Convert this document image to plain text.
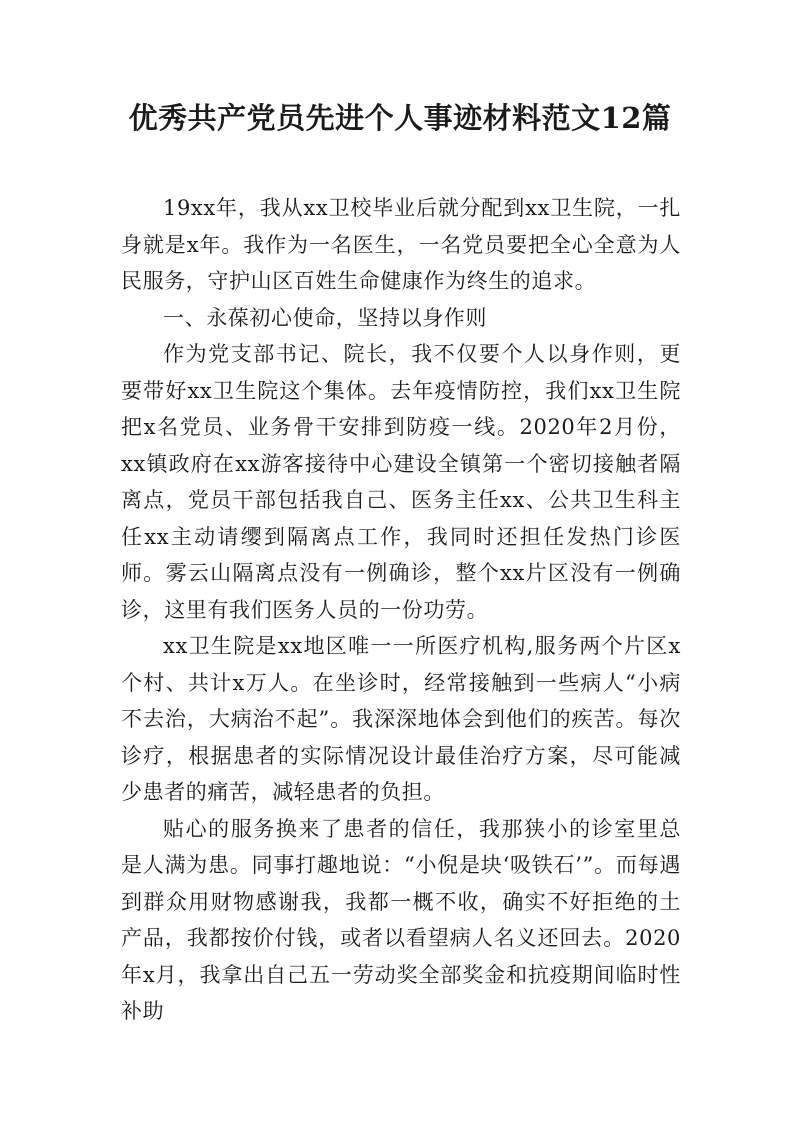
优秀共产党员先进个人事迹材料范文12篇

19xx年，我从xx卫校毕业后就分配到xx卫生院，一扎身就是x年。我作为一名医生，一名党员要把全心全意为人民服务，守护山区百姓生命健康作为终生的追求。

一、永葆初心使命，坚持以身作则

作为党支部书记、院长，我不仅要个人以身作则，更要带好xx卫生院这个集体。去年疫情防控，我们xx卫生院把x名党员、业务骨干安排到防疫一线。2020年2月份，xx镇政府在xx游客接待中心建设全镇第一个密切接触者隔离点，党员干部包括我自己、医务主任xx、公共卫生科主任xx主动请缨到隔离点工作，我同时还担任发热门诊医师。雾云山隔离点没有一例确诊，整个xx片区没有一例确诊，这里有我们医务人员的一份功劳。

xx卫生院是xx地区唯一一所医疗机构,服务两个片区x个村、共计x万人。在坐诊时，经常接触到一些病人“小病不去治，大病治不起”。我深深地体会到他们的疾苦。每次诊疗，根据患者的实际情况设计最佳治疗方案，尽可能减少患者的痛苦，减轻患者的负担。

贴心的服务换来了患者的信任，我那狭小的诊室里总是人满为患。同事打趣地说：“小倪是块‘吸铁石’”。而每遇到群众用财物感谢我，我都一概不收，确实不好拒绝的土产品，我都按价付钱，或者以看望病人名义还回去。2020年x月，我拿出自己五一劳动奖全部奖金和抗疫期间临时性补助
